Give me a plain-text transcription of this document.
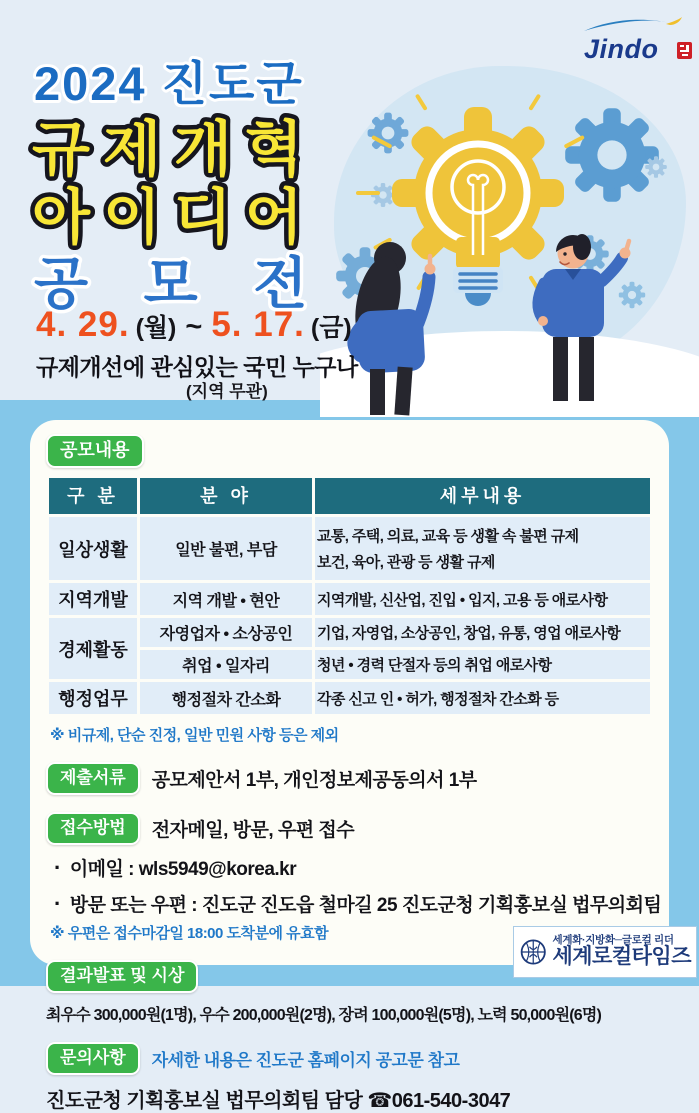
2024 진도군
규제개혁
아이디어
공 모 전
4. 29. (월) ~ 5. 17. (금)
규제개선에 관심있는 국민 누구나
(지역 무관)
Jindo
공모내용
구 분	분 야	세부내용
일상생활	일반 불편, 부담	교통, 주택, 의료, 교육 등 생활 속 불편 규제
보건, 육아, 관광 등 생활 규제

지역개발	지역 개발 • 현안	지역개발, 신산업, 진입 • 입지, 고용 등 애로사항
경제활동	자영업자 • 소상공인	기업, 자영업, 소상공인, 창업, 유통, 영업 애로사항
	취업 • 일자리	청년 • 경력 단절자 등의 취업 애로사항
행정업무	행정절차 간소화	각종 신고 인 • 허가, 행정절차 간소화 등
※ 비규제, 단순 진정, 일반 민원 사항 등은 제외
제출서류	공모제안서 1부, 개인정보제공동의서 1부
접수방법	전자메일, 방문, 우편 접수
· 이메일 : wls5949@korea.kr
· 방문 또는 우편 : 진도군 진도읍 철마길 25 진도군청 기획홍보실 법무의회팀
※ 우편은 접수마감일 18:00 도착분에 유효함
결과발표 및 시상
최우수 300,000원(1명), 우수 200,000원(2명), 장려 100,000원(5명), 노력 50,000원(6명)
문의사항	자세한 내용은 진도군 홈페이지 공고문 참고
진도군청 기획홍보실 법무의회팀 담당 ☎061-540-3047
세계화·지방화─글로컬 리더
세계로컬타임즈
